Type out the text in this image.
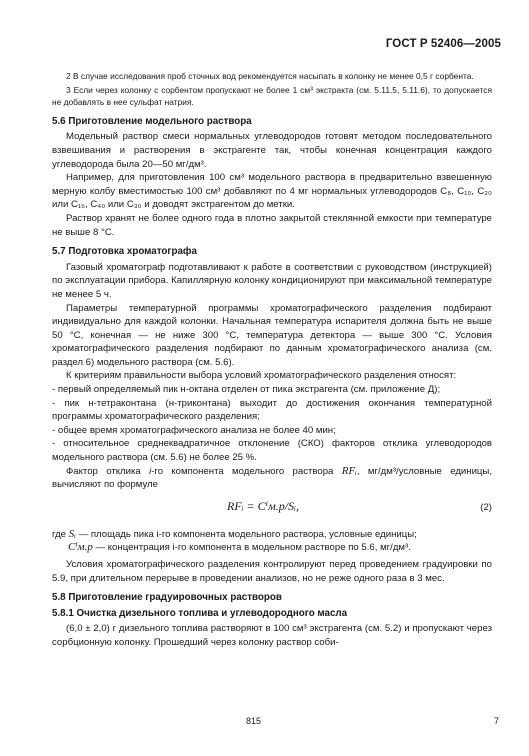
ГОСТ Р 52406—2005

2 В случае исследования проб сточных вод рекомендуется насыпать в колонку не менее 0,5 г сорбента.

3 Если через колонку с сорбентом пропускают не более 1 см³ экстракта (см. 5.11.5, 5.11.6), то допускается не добавлять в нее сульфат натрия.

5.6 Приготовление модельного раствора

Модельный раствор смеси нормальных углеводородов готовят методом последовательного взвешивания и растворения в экстрагенте так, чтобы конечная концентрация каждого углеводорода была 20—50 мг/дм³.

Например, для приготовления 100 см³ модельного раствора в предварительно взвешенную мерную колбу вместимостью 100 см³ добавляют по 4 мг нормальных углеводородов C₈, C₁₀, C₂₀ или C₁₆, C₄₀ или C₃₀ и доводят экстрагентом до метки.

Раствор хранят не более одного года в плотно закрытой стеклянной емкости при температуре не выше 8 °C.

5.7 Подготовка хроматографа

Газовый хроматограф подготавливают к работе в соответствии с руководством (инструкцией) по эксплуатации прибора. Капиллярную колонку кондиционируют при максимальной температуре не менее 5 ч.

Параметры температурной программы хроматографического разделения подбирают индивидуально для каждой колонки. Начальная температура испарителя должна быть не выше 50 °C, конечная — не ниже 300 °C, температура детектора — выше 300 °C. Условия хроматографического разделения подбирают по данным хроматографического анализа (см. раздел 6) модельного раствора (см. 5.6).

К критериям правильности выбора условий хроматографического разделения относят:

- первый определяемый пик н-октана отделен от пика экстрагента (см. приложение Д);

- пик н-тетраконтана (н-триконтана) выходит до достижения окончания температурной программы хроматографического разделения;

- общее время хроматографического анализа не более 40 мин;

- относительное среднеквадратичное отклонение (СКО) факторов отклика углеводородов модельного раствора (см. 5.6) не более 25 %.

Фактор отклика i-го компонента модельного раствора RFᵢ, мг/дм³/условные единицы, вычисляют по формуле

RFᵢ = Cⁱм.р/Sᵢ,	(2)

где Sᵢ — площадь пика i-го компонента модельного раствора, условные единицы;

Cⁱм.р — концентрация i-го компонента в модельном растворе по 5.6, мг/дм³.

Условия хроматографического разделения контролируют перед проведением градуировки по 5.9, при длительном перерыве в проведении анализов, но не реже одного раза в 3 мес.

5.8 Приготовление градуировочных растворов
5.8.1 Очистка дизельного топлива и углеводородного масла

(6,0 ± 2,0) г дизельного топлива растворяют в 100 см³ экстрагента (см. 5.2) и пропускают через сорбционную колонку. Прошедший через колонку раствор соби-

815	7
